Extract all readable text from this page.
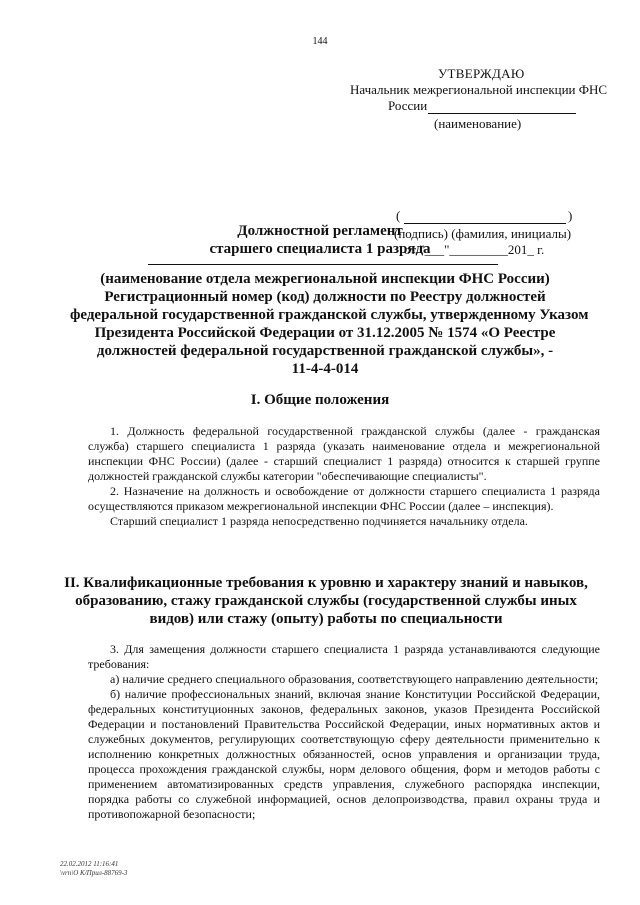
144
УТВЕРЖДАЮ
Начальник межрегиональной инспекции ФНС
России
(наименование)
(	)
(подпись) (фамилия, инициалы)
от "___"_________201_ г.
Должностной регламент
старшего специалиста 1 разряда
(наименование отдела межрегиональной инспекции ФНС России)
Регистрационный номер (код) должности по Реестру должностей
федеральной государственной гражданской службы, утвержденному Указом
Президента Российской Федерации от 31.12.2005 № 1574 «О Реестре
должностей федеральной государственной гражданской службы», -
11-4-4-014
I. Общие положения

1. Должность федеральной государственной гражданской службы (далее - гражданская служба) старшего специалиста 1 разряда (указать наименование отдела и межрегиональной инспекции ФНС России) (далее - старший специалист 1 разряда) относится к старшей группе должностей гражданской службы категории "обеспечивающие специалисты".

2. Назначение на должность и освобождение от должности старшего специалиста 1 разряда осуществляются приказом межрегиональной инспекции ФНС России (далее – инспекция).

Старший специалист 1 разряда непосредственно подчиняется начальнику отдела.

II. Квалификационные требования к уровню и характеру знаний и навыков,
образованию, стажу гражданской службы (государственной службы иных
видов) или стажу (опыту) работы по специальности

3. Для замещения должности старшего специалиста 1 разряда устанавливаются следующие требования:

а) наличие среднего специального образования, соответствующего направлению деятельности;

б) наличие профессиональных знаний, включая знание Конституции Российской Федерации, федеральных конституционных законов, федеральных законов, указов Президента Российской Федерации и постановлений Правительства Российской Федерации, иных нормативных актов и служебных документов, регулирующих соответствующую сферу деятельности применительно к исполнению конкретных должностных обязанностей, основ управления и организации труда, процесса прохождения гражданской службы, норм делового общения, форм и методов работы с применением автоматизированных средств управления, служебного распорядка инспекции, порядка работы со служебной информацией, основ делопроизводства, правил охраны труда и противопожарной безопасности;

22.02.2012 11:16:41
\vrn\O K/Прил-88769-3
